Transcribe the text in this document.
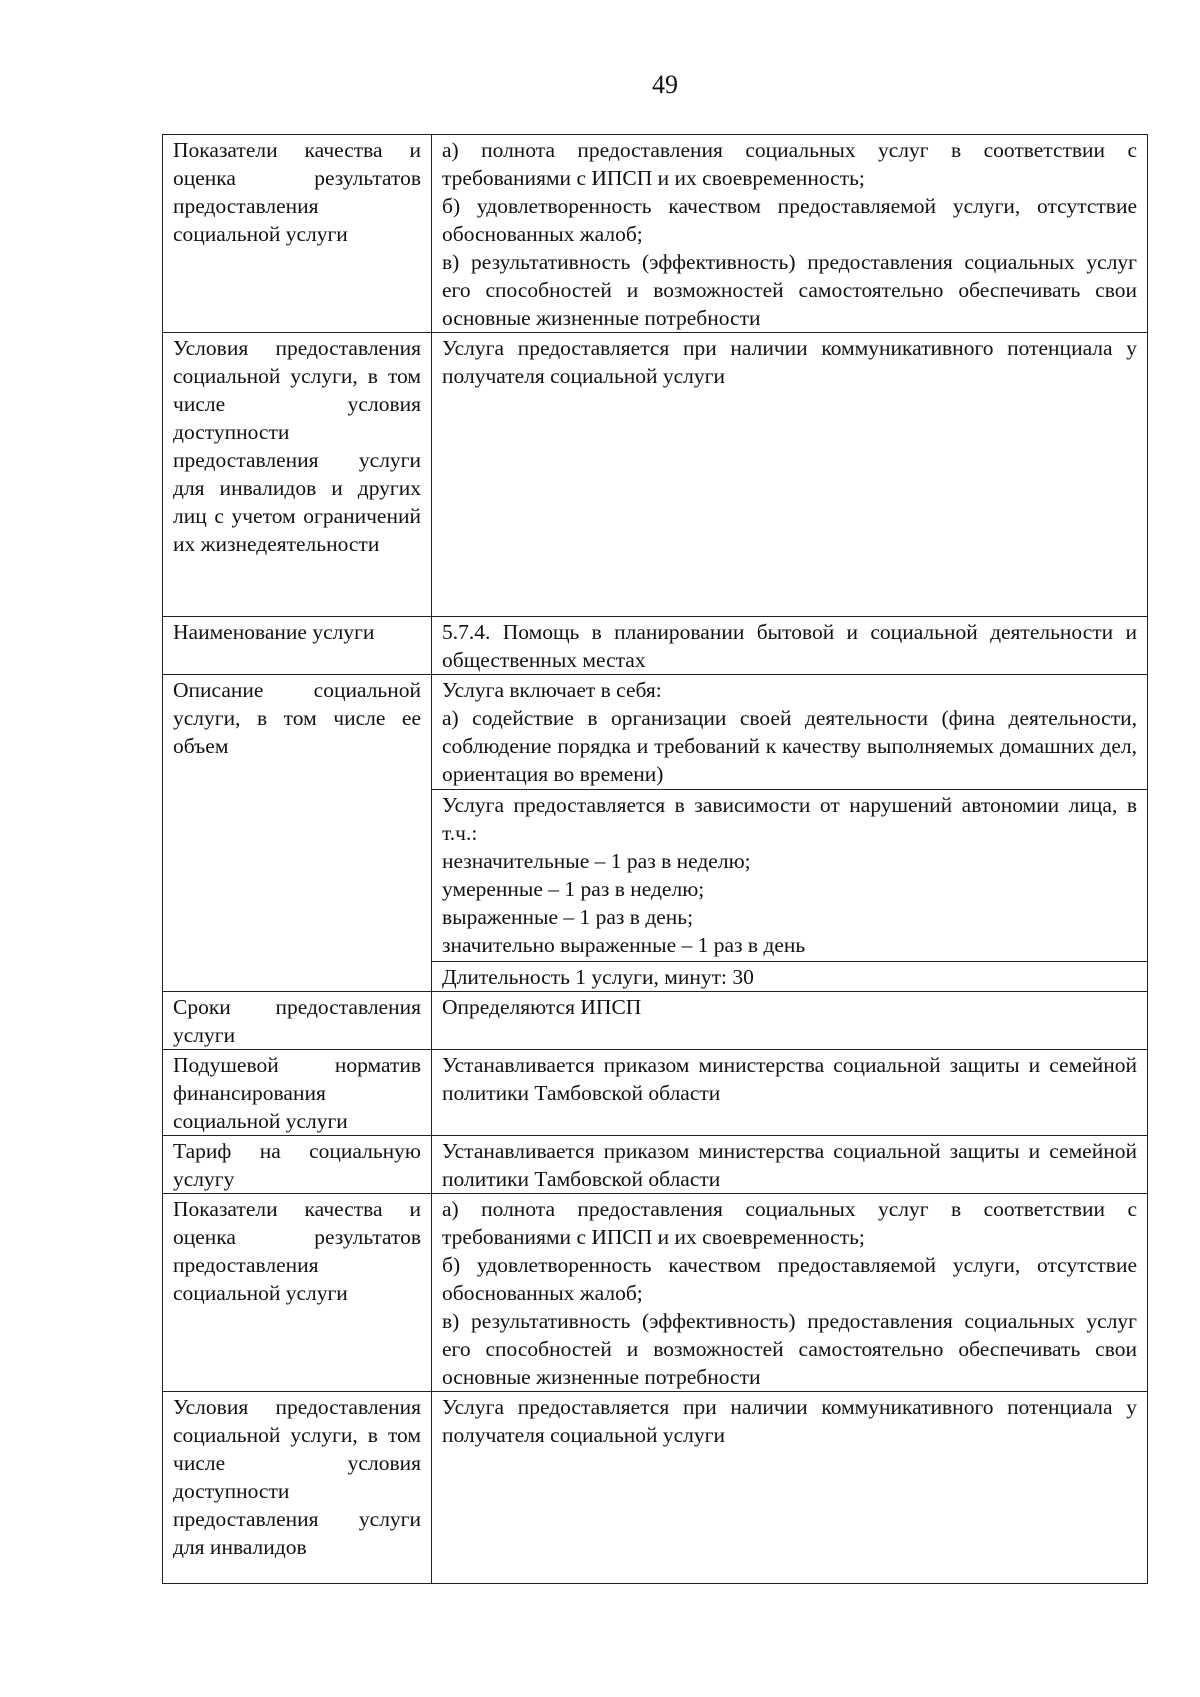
49
Показатели качества и оценка результатов предоставления социальной услуги	а) полнота предоставления социальных услуг в соответствии с требованиями с ИПСП и их своевременность;
б) удовлетворенность качеством предоставляемой услуги, отсутствие обоснованных жалоб;
в) результативность (эффективность) предоставления социальных услуг его способностей и возможностей самостоятельно обеспечивать свои основные жизненные потребности

Условия предоставления социальной услуги, в том числе условия доступности предоставления услуги для инвалидов и других лиц с учетом ограничений их жизнедеятельности	Услуга предоставляется при наличии коммуникативного потенциала у получателя социальной услуги
Наименование услуги	5.7.4. Помощь в планировании бытовой и социальной деятельности и общественных местах
Описание социальной услуги, в том числе ее объем	Услуга включает в себя:
а) содействие в организации своей деятельности (фина деятельности, соблюдение порядка и требований к качеству выполняемых домашних дел, ориентация во времени)

	Услуга предоставляется в зависимости от нарушений автономии лица, в т.ч.:
незначительные – 1 раз в неделю;
умеренные – 1 раз в неделю;
выраженные – 1 раз в день;
значительно выраженные – 1 раз в день

	Длительность 1 услуги, минут: 30
Сроки предоставления услуги	Определяются ИПСП
Подушевой норматив финансирования социальной услуги	Устанавливается приказом министерства социальной защиты и семейной политики Тамбовской области
Тариф на социальную услугу	Устанавливается приказом министерства социальной защиты и семейной политики Тамбовской области
Показатели качества и оценка результатов предоставления социальной услуги	а) полнота предоставления социальных услуг в соответствии с требованиями с ИПСП и их своевременность;
б) удовлетворенность качеством предоставляемой услуги, отсутствие обоснованных жалоб;
в) результативность (эффективность) предоставления социальных услуг его способностей и возможностей самостоятельно обеспечивать свои основные жизненные потребности

Условия предоставления социальной услуги, в том числе условия доступности предоставления услуги для инвалидов	Услуга предоставляется при наличии коммуникативного потенциала у получателя социальной услуги
